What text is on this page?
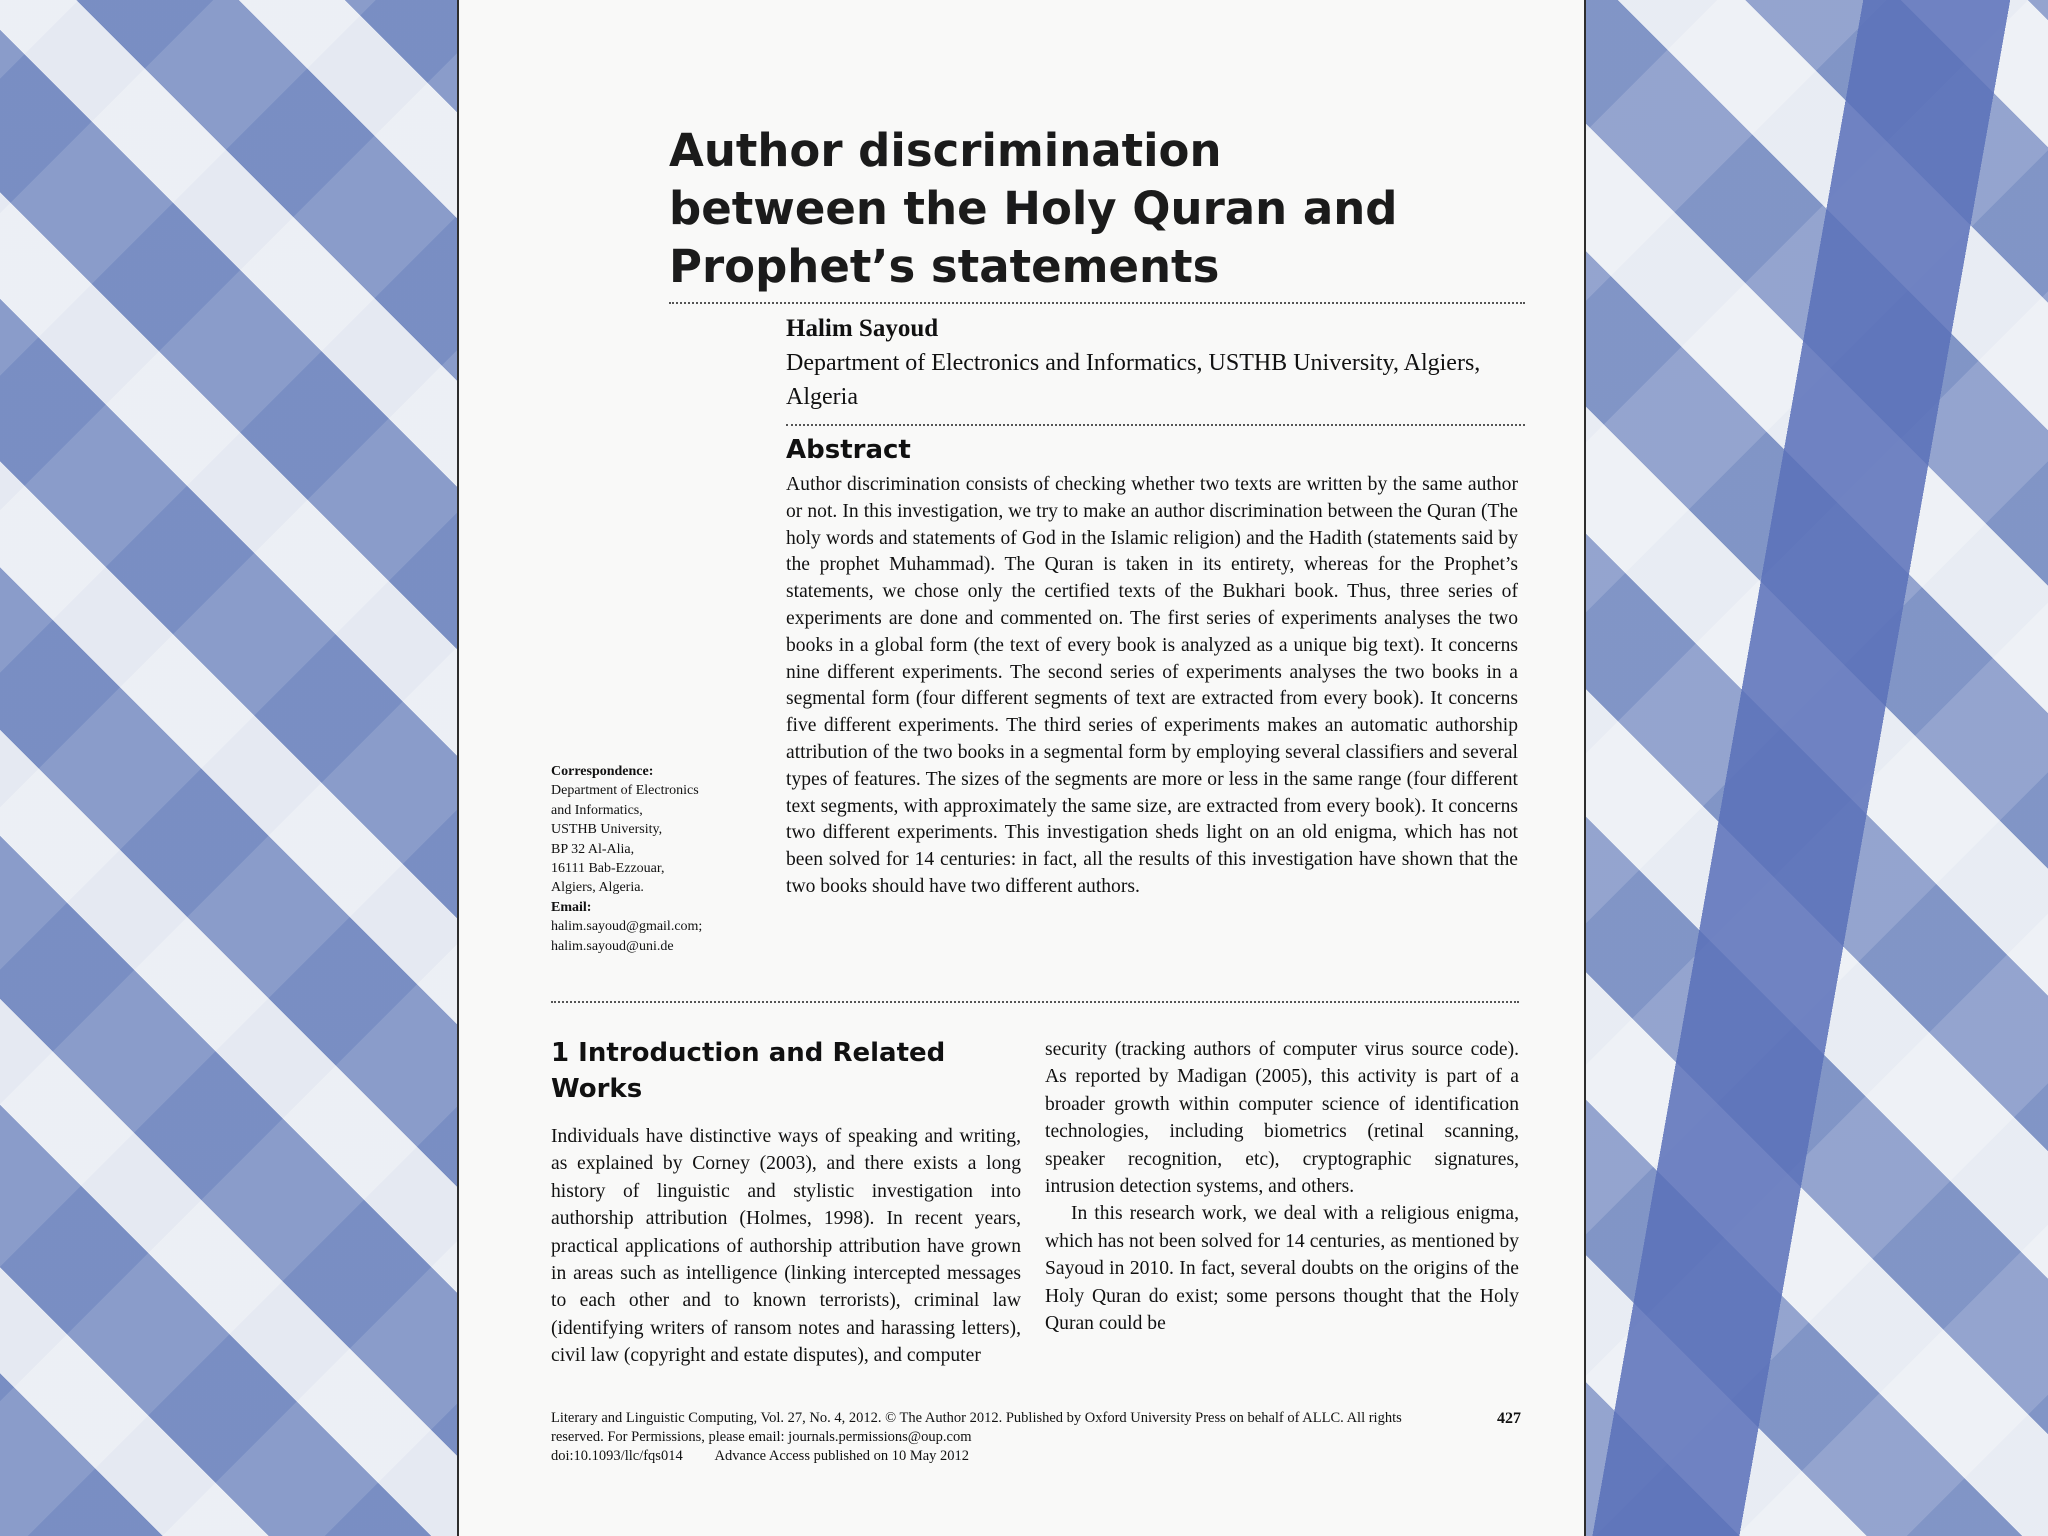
Author discrimination between the Holy Quran and Prophet’s statements
Halim Sayoud
Department of Electronics and Informatics, USTHB University, Algiers, Algeria
Abstract

Author discrimination consists of checking whether two texts are written by the same author or not. In this investigation, we try to make an author discrimination between the Quran (The holy words and statements of God in the Islamic religion) and the Hadith (statements said by the prophet Muhammad). The Quran is taken in its entirety, whereas for the Prophet’s statements, we chose only the certified texts of the Bukhari book. Thus, three series of experiments are done and commented on. The first series of experiments analyses the two books in a global form (the text of every book is analyzed as a unique big text). It concerns nine different experiments. The second series of experiments analyses the two books in a segmental form (four different segments of text are extracted from every book). It concerns five different experiments. The third series of experiments makes an automatic authorship attribution of the two books in a segmental form by employing several classifiers and several types of features. The sizes of the segments are more or less in the same range (four different text segments, with approximately the same size, are extracted from every book). It concerns two different experiments. This investigation sheds light on an old enigma, which has not been solved for 14 centuries: in fact, all the results of this investigation have shown that the two books should have two different authors.

Correspondence:
Department of Electronics
and Informatics,
USTHB University,
BP 32 Al-Alia,
16111 Bab-Ezzouar,
Algiers, Algeria.
Email:
halim.sayoud@gmail.com;
halim.sayoud@uni.de
1 Introduction and Related Works

Individuals have distinctive ways of speaking and writing, as explained by Corney (2003), and there exists a long history of linguistic and stylistic investigation into authorship attribution (Holmes, 1998). In recent years, practical applications of authorship attribution have grown in areas such as intelligence (linking intercepted messages to each other and to known terrorists), criminal law (identifying writers of ransom notes and harassing letters), civil law (copyright and estate disputes), and computer

security (tracking authors of computer virus source code). As reported by Madigan (2005), this activity is part of a broader growth within computer science of identification technologies, including biometrics (retinal scanning, speaker recognition, etc), cryptographic signatures, intrusion detection systems, and others.

In this research work, we deal with a religious enigma, which has not been solved for 14 centuries, as mentioned by Sayoud in 2010. In fact, several doubts on the origins of the Holy Quran do exist; some persons thought that the Holy Quran could be

Literary and Linguistic Computing, Vol. 27, No. 4, 2012. © The Author 2012. Published by Oxford University Press on behalf of ALLC. All rights reserved. For Permissions, please email: journals.permissions@oup.com
doi:10.1093/llc/fqs014 Advance Access published on 10 May 2012
427
